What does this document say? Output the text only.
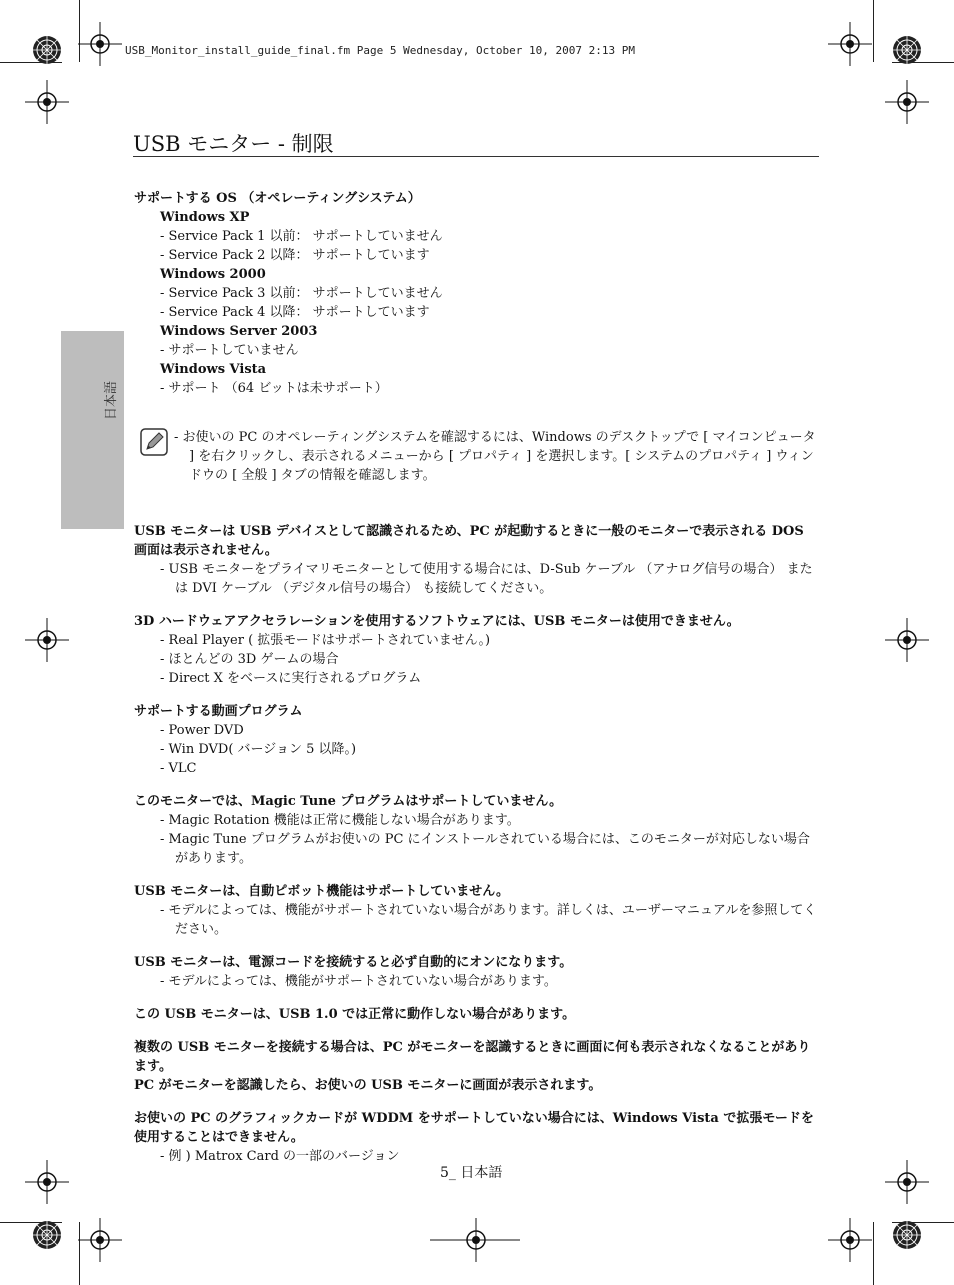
USB_Monitor_install_guide_final.fm Page 5 Wednesday, October 10, 2007 2:13 PM
USB モニター - 制限
日本語
サポートする OS （オペレーティングシステム）
Windows XP
- Service Pack 1 以前： サポートしていません
- Service Pack 2 以降： サポートしています
Windows 2000
- Service Pack 3 以前： サポートしていません
- Service Pack 4 以降： サポートしています
Windows Server 2003
- サポートしていません
Windows Vista
- サポート （64 ビットは未サポート）
- お使いの PC のオペレーティングシステムを確認するには、Windows のデスクトップで [ マイコンピュータ ] を右クリックし、表示されるメニューから [ プロパティ ] を選択します。[ システムのプロパティ ] ウィンドウの [ 全般 ] タブの情報を確認します。
USB モニターは USB デバイスとして認識されるため、PC が起動するときに一般のモニターで表示される DOS 画面は表示されません。
- USB モニターをプライマリモニターとして使用する場合には、D-Sub ケーブル （アナログ信号の場合） または DVI ケーブル （デジタル信号の場合） も接続してください。
3D ハードウェアアクセラレーションを使用するソフトウェアには、USB モニターは使用できません。
- Real Player ( 拡張モードはサポートされていません。)
- ほとんどの 3D ゲームの場合
- Direct X をベースに実行されるプログラム
サポートする動画プログラム
- Power DVD
- Win DVD( バージョン 5 以降。)
- VLC
このモニターでは、Magic Tune プログラムはサポートしていません。
- Magic Rotation 機能は正常に機能しない場合があります。
- Magic Tune プログラムがお使いの PC にインストールされている場合には、このモニターが対応しない場合があります。
USB モニターは、自動ピボット機能はサポートしていません。
- モデルによっては、機能がサポートされていない場合があります。詳しくは、ユーザーマニュアルを参照してください。
USB モニターは、電源コードを接続すると必ず自動的にオンになります。
- モデルによっては、機能がサポートされていない場合があります。
この USB モニターは、USB 1.0 では正常に動作しない場合があります。
複数の USB モニターを接続する場合は、PC がモニターを認識するときに画面に何も表示されなくなることがあります。
PC がモニターを認識したら、お使いの USB モニターに画面が表示されます。
お使いの PC のグラフィックカードが WDDM をサポートしていない場合には、Windows Vista で拡張モードを使用することはできません。
- 例 ) Matrox Card の一部のバージョン
5_ 日本語
